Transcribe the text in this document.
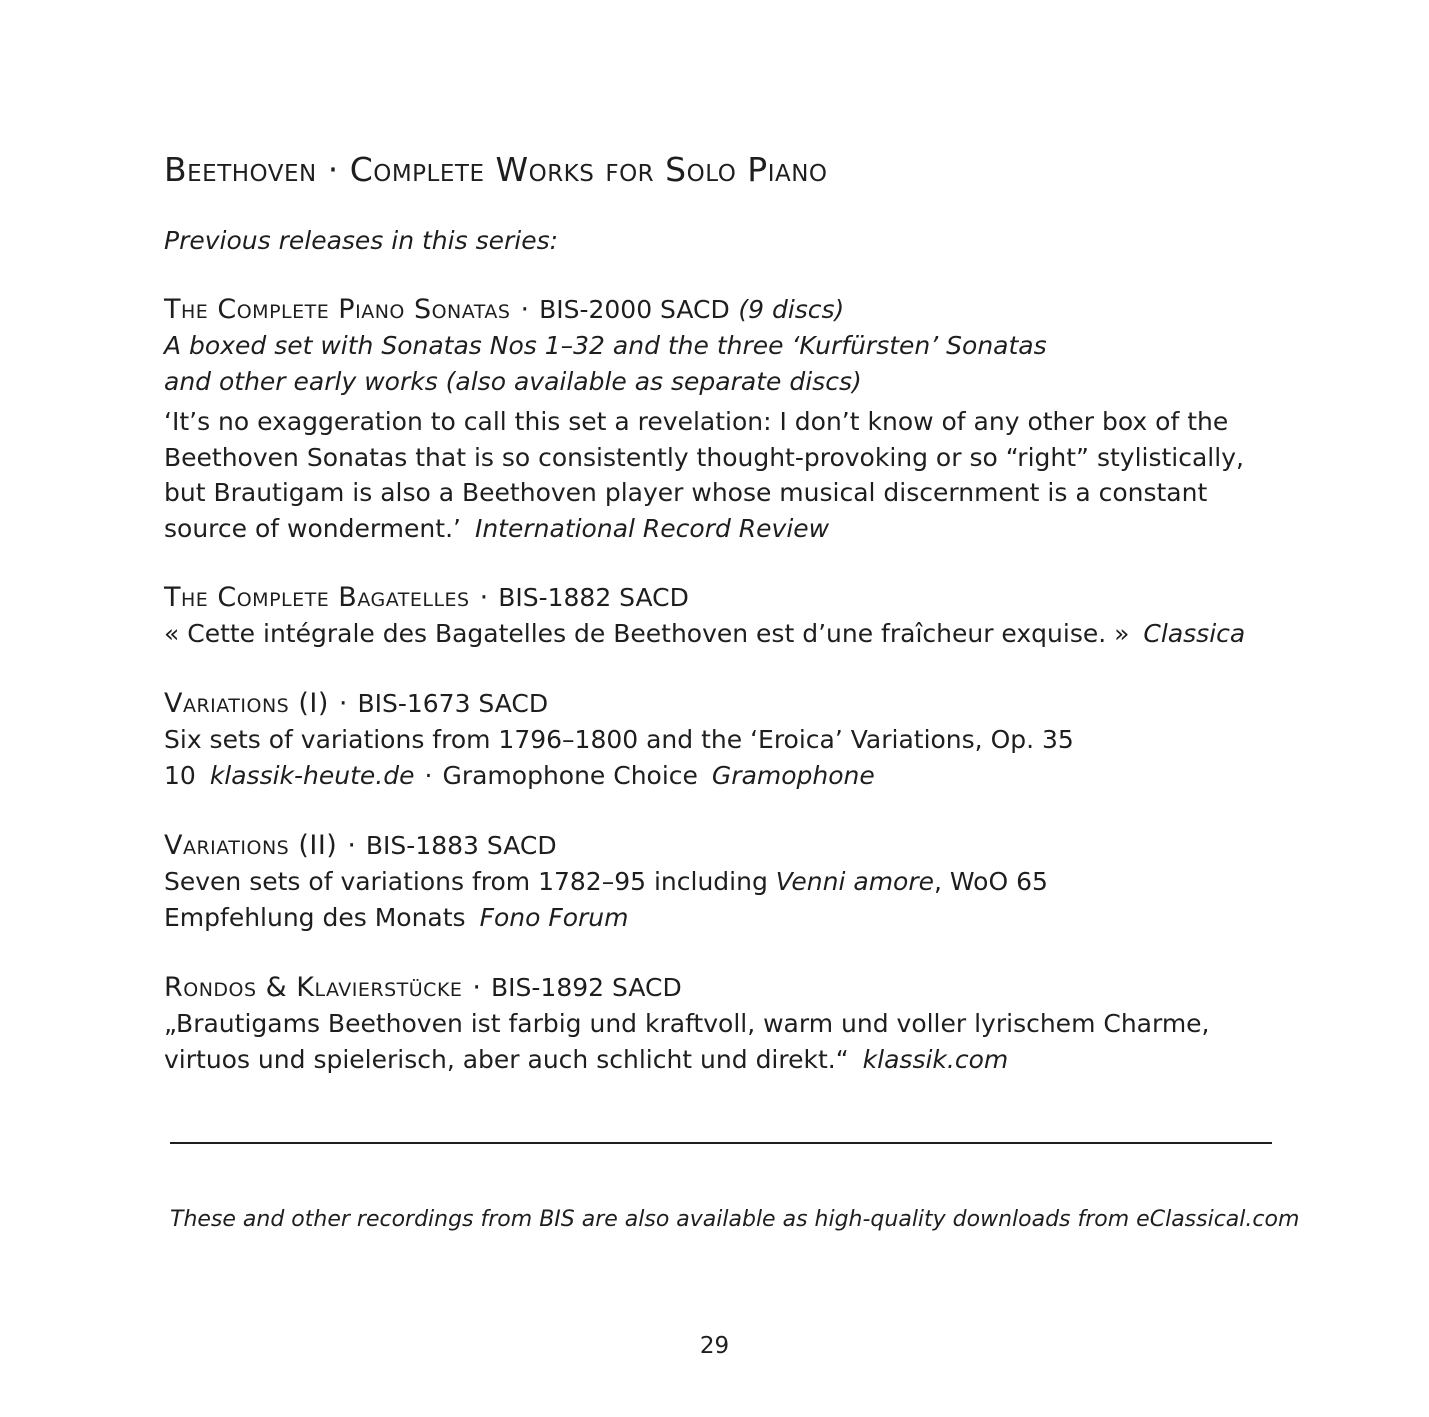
Beethoven · Complete Works for Solo Piano
Previous releases in this series:
The Complete Piano Sonatas · BIS-2000 SACD (9 discs)
A boxed set with Sonatas Nos 1–32 and the three ‘Kurfürsten’ Sonatas
and other early works (also available as separate discs)
‘It’s no exaggeration to call this set a revelation: I don’t know of any other box of the
Beethoven Sonatas that is so consistently thought-provoking or so “right” stylistically,
but Brautigam is also a Beethoven player whose musical discernment is a constant
source of wonderment.’ International Record Review
The Complete Bagatelles · BIS-1882 SACD
« Cette intégrale des Bagatelles de Beethoven est d’une fraîcheur exquise. » Classica
Variations (I) · BIS-1673 SACD
Six sets of variations from 1796–1800 and the ‘Eroica’ Variations, Op. 35
10 klassik-heute.de · Gramophone Choice Gramophone
Variations (II) · BIS-1883 SACD
Seven sets of variations from 1782–95 including Venni amore, WoO 65
Empfehlung des Monats Fono Forum
Rondos & Klavierstücke · BIS-1892 SACD
„Brautigams Beethoven ist farbig und kraftvoll, warm und voller lyrischem Charme,
virtuos und spielerisch, aber auch schlicht und direkt.“ klassik.com
These and other recordings from BIS are also available as high-quality downloads from eClassical.com
29
